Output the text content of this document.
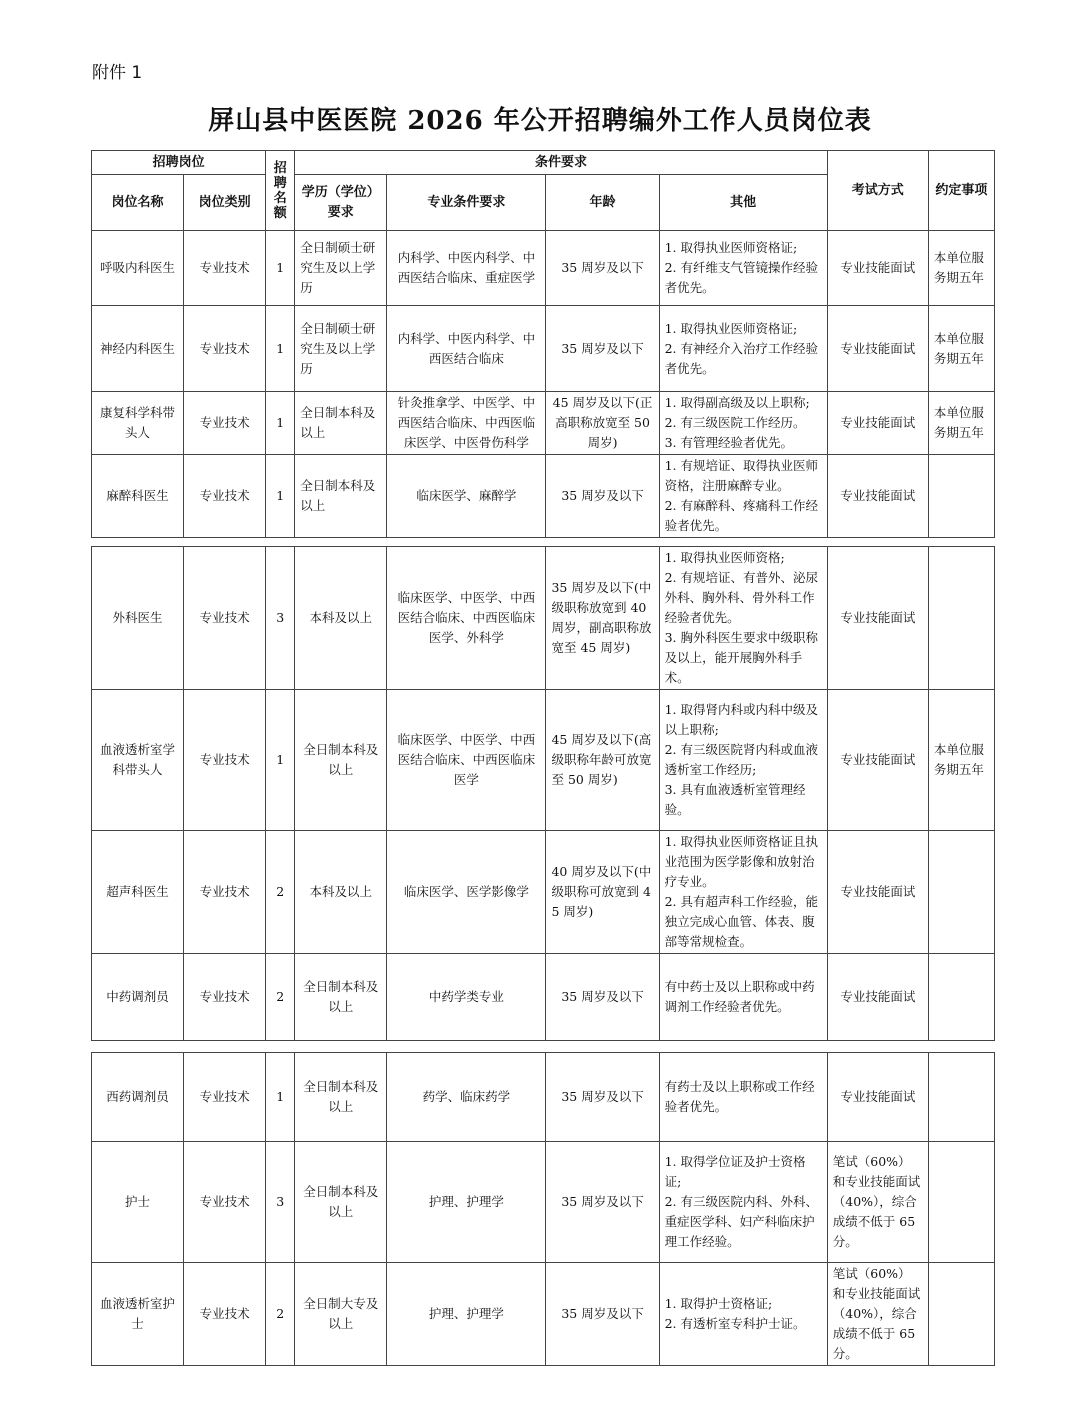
附件 1
屏山县中医医院 2026 年公开招聘编外工作人员岗位表
招聘岗位		招聘名额	条件要求				考试方式	约定事项
岗位名称	岗位类别		学历（学位）要求	专业条件要求	年龄	其他		
呼吸内科医生	专业技术	1	全日制硕士研究生及以上学历	内科学、中医内科学、中西医结合临床、重症医学	35 周岁及以下	1. 取得执业医师资格证;
2. 有纤维支气管镜操作经验者优先。	专业技能面试	本单位服务期五年
神经内科医生	专业技术	1	全日制硕士研究生及以上学历	内科学、中医内科学、中西医结合临床	35 周岁及以下	1. 取得执业医师资格证;
2. 有神经介入治疗工作经验者优先。	专业技能面试	本单位服务期五年
康复科学科带头人	专业技术	1	全日制本科及以上	针灸推拿学、中医学、中西医结合临床、中西医临床医学、中医骨伤科学	45 周岁及以下(正高职称放宽至 50 周岁)	1. 取得副高级及以上职称;
2. 有三级医院工作经历。
3. 有管理经验者优先。	专业技能面试	本单位服务期五年
麻醉科医生	专业技术	1	全日制本科及以上	临床医学、麻醉学	35 周岁及以下	1. 有规培证、取得执业医师资格，注册麻醉专业。
2. 有麻醉科、疼痛科工作经验者优先。	专业技能面试	
外科医生	专业技术	3	本科及以上	临床医学、中医学、中西医结合临床、中西医临床医学、外科学	35 周岁及以下(中级职称放宽到 40 周岁，副高职称放宽至 45 周岁)	1. 取得执业医师资格;
2. 有规培证、有普外、泌尿外科、胸外科、骨外科工作经验者优先。
3. 胸外科医生要求中级职称及以上，能开展胸外科手术。	专业技能面试	
血液透析室学科带头人	专业技术	1	全日制本科及以上	临床医学、中医学、中西医结合临床、中西医临床医学	45 周岁及以下(高级职称年龄可放宽至 50 周岁)	1. 取得肾内科或内科中级及以上职称;
2. 有三级医院肾内科或血液透析室工作经历;
3. 具有血液透析室管理经验。	专业技能面试	本单位服务期五年
超声科医生	专业技术	2	本科及以上	临床医学、医学影像学	40 周岁及以下(中级职称可放宽到 45 周岁)	1. 取得执业医师资格证且执业范围为医学影像和放射治疗专业。
2. 具有超声科工作经验，能独立完成心血管、体表、腹部等常规检查。	专业技能面试	
中药调剂员	专业技术	2	全日制本科及以上	中药学类专业	35 周岁及以下	有中药士及以上职称或中药调剂工作经验者优先。	专业技能面试	
西药调剂员	专业技术	1	全日制本科及以上	药学、临床药学	35 周岁及以下	有药士及以上职称或工作经验者优先。	专业技能面试	
护士	专业技术	3	全日制本科及以上	护理、护理学	35 周岁及以下	1. 取得学位证及护士资格证;
2. 有三级医院内科、外科、重症医学科、妇产科临床护理工作经验。	笔试（60%）和专业技能面试（40%），综合成绩不低于 65 分。	
血液透析室护士	专业技术	2	全日制大专及以上	护理、护理学	35 周岁及以下	1. 取得护士资格证;
2. 有透析室专科护士证。	笔试（60%）和专业技能面试（40%），综合成绩不低于 65 分。	
